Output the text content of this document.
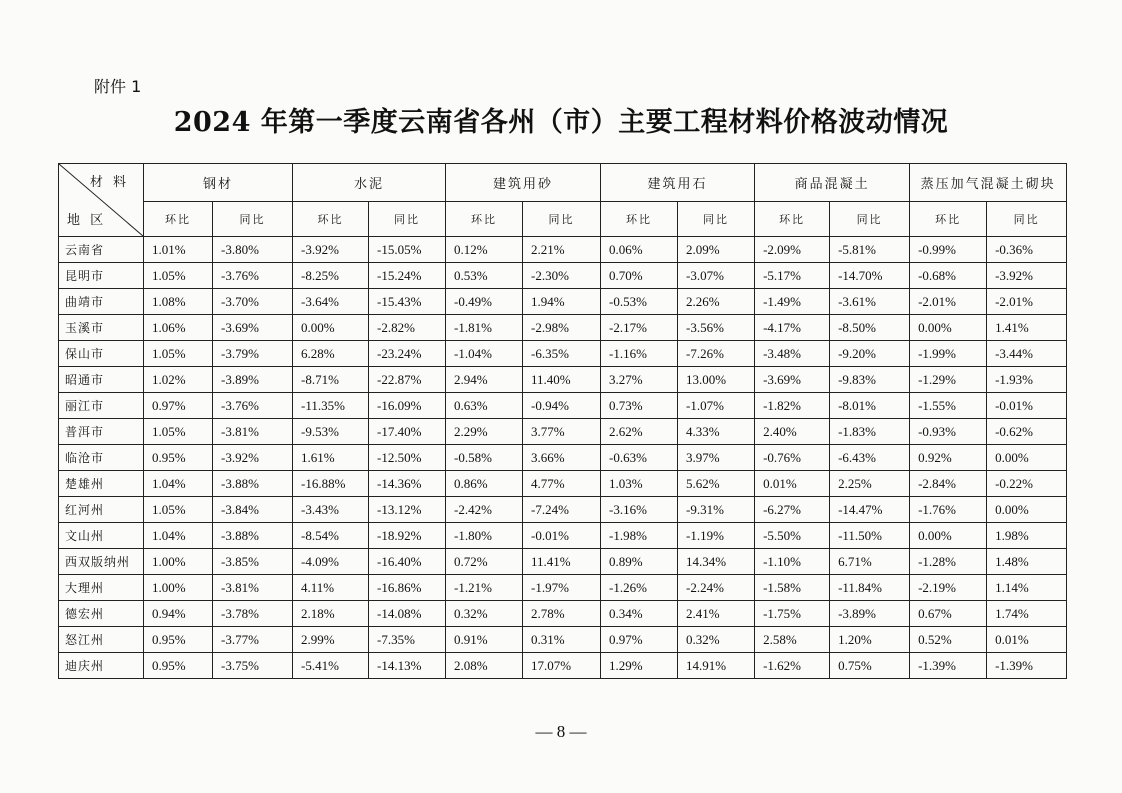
附件 1
2024 年第一季度云南省各州（市）主要工程材料价格波动情况
材 料
地 区	钢材		水泥		建筑用砂		建筑用石		商品混凝土		蒸压加气混凝土砌块	
	环比	同比	环比	同比	环比	同比	环比	同比	环比	同比	环比	同比
云南省	1.01%	-3.80%	-3.92%	-15.05%	0.12%	2.21%	0.06%	2.09%	-2.09%	-5.81%	-0.99%	-0.36%
昆明市	1.05%	-3.76%	-8.25%	-15.24%	0.53%	-2.30%	0.70%	-3.07%	-5.17%	-14.70%	-0.68%	-3.92%
曲靖市	1.08%	-3.70%	-3.64%	-15.43%	-0.49%	1.94%	-0.53%	2.26%	-1.49%	-3.61%	-2.01%	-2.01%
玉溪市	1.06%	-3.69%	0.00%	-2.82%	-1.81%	-2.98%	-2.17%	-3.56%	-4.17%	-8.50%	0.00%	1.41%
保山市	1.05%	-3.79%	6.28%	-23.24%	-1.04%	-6.35%	-1.16%	-7.26%	-3.48%	-9.20%	-1.99%	-3.44%
昭通市	1.02%	-3.89%	-8.71%	-22.87%	2.94%	11.40%	3.27%	13.00%	-3.69%	-9.83%	-1.29%	-1.93%
丽江市	0.97%	-3.76%	-11.35%	-16.09%	0.63%	-0.94%	0.73%	-1.07%	-1.82%	-8.01%	-1.55%	-0.01%
普洱市	1.05%	-3.81%	-9.53%	-17.40%	2.29%	3.77%	2.62%	4.33%	2.40%	-1.83%	-0.93%	-0.62%
临沧市	0.95%	-3.92%	1.61%	-12.50%	-0.58%	3.66%	-0.63%	3.97%	-0.76%	-6.43%	0.92%	0.00%
楚雄州	1.04%	-3.88%	-16.88%	-14.36%	0.86%	4.77%	1.03%	5.62%	0.01%	2.25%	-2.84%	-0.22%
红河州	1.05%	-3.84%	-3.43%	-13.12%	-2.42%	-7.24%	-3.16%	-9.31%	-6.27%	-14.47%	-1.76%	0.00%
文山州	1.04%	-3.88%	-8.54%	-18.92%	-1.80%	-0.01%	-1.98%	-1.19%	-5.50%	-11.50%	0.00%	1.98%
西双版纳州	1.00%	-3.85%	-4.09%	-16.40%	0.72%	11.41%	0.89%	14.34%	-1.10%	6.71%	-1.28%	1.48%
大理州	1.00%	-3.81%	4.11%	-16.86%	-1.21%	-1.97%	-1.26%	-2.24%	-1.58%	-11.84%	-2.19%	1.14%
德宏州	0.94%	-3.78%	2.18%	-14.08%	0.32%	2.78%	0.34%	2.41%	-1.75%	-3.89%	0.67%	1.74%
怒江州	0.95%	-3.77%	2.99%	-7.35%	0.91%	0.31%	0.97%	0.32%	2.58%	1.20%	0.52%	0.01%
迪庆州	0.95%	-3.75%	-5.41%	-14.13%	2.08%	17.07%	1.29%	14.91%	-1.62%	0.75%	-1.39%	-1.39%
— 8 —
